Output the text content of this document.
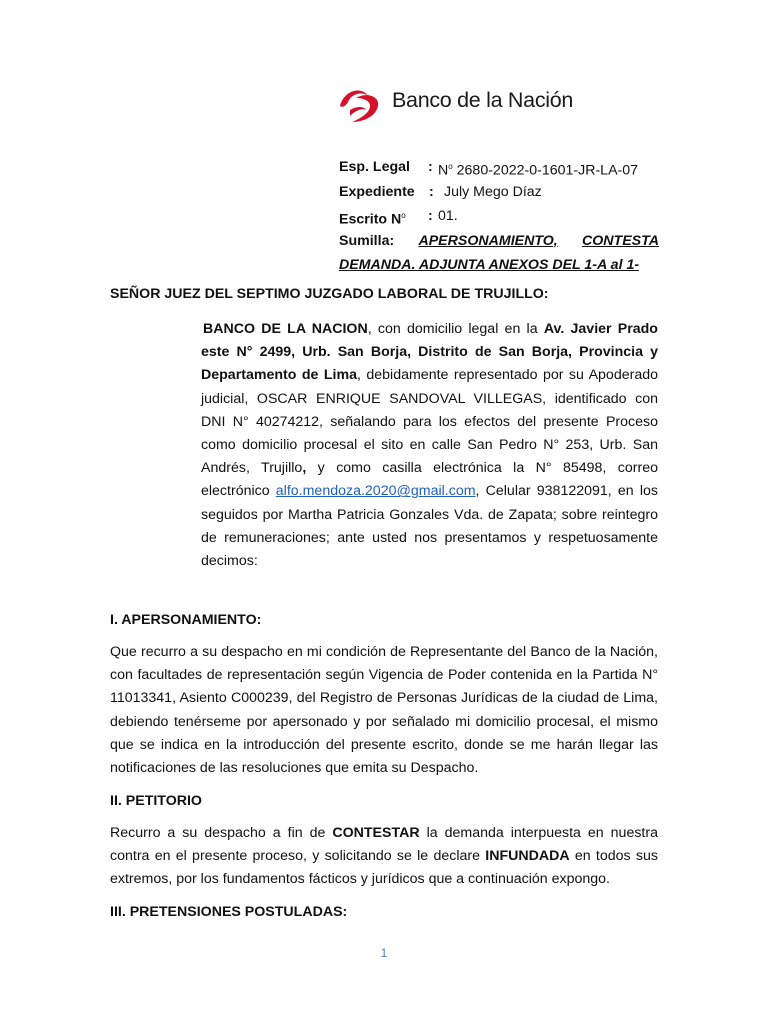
Banco de la Nación
Esp. Legal : $N^o$ 2680-2022-0-1601-JR-LA-07
Expediente : July Mego Díaz
Escrito $N^o$ : 01.
Sumilla: APERSONAMIENTO, CONTESTA
DEMANDA. ADJUNTA ANEXOS DEL 1-A al 1-
SEÑOR JUEZ DEL SEPTIMO JUZGADO LABORAL DE TRUJILLO:
BANCO DE LA NACION, con domicilio legal en la Av. Javier Prado este N° 2499, Urb. San Borja, Distrito de San Borja, Provincia y Departamento de Lima, debidamente representado por su Apoderado judicial, OSCAR ENRIQUE SANDOVAL VILLEGAS, identificado con DNI N° 40274212, señalando para los efectos del presente Proceso como domicilio procesal el sito en calle San Pedro N° 253, Urb. San Andrés, Trujillo, y como casilla electrónica la N° 85498, correo electrónico alfo.mendoza.2020@gmail.com, Celular 938122091, en los seguidos por Martha Patricia Gonzales Vda. de Zapata; sobre reintegro de remuneraciones; ante usted nos presentamos y respetuosamente decimos:
I. APERSONAMIENTO:
Que recurro a su despacho en mi condición de Representante del Banco de la Nación, con facultades de representación según Vigencia de Poder contenida en la Partida N° 11013341, Asiento C000239, del Registro de Personas Jurídicas de la ciudad de Lima, debiendo tenérseme por apersonado y por señalado mi domicilio procesal, el mismo que se indica en la introducción del presente escrito, donde se me harán llegar las notificaciones de las resoluciones que emita su Despacho.
II. PETITORIO
Recurro a su despacho a fin de CONTESTAR la demanda interpuesta en nuestra contra en el presente proceso, y solicitando se le declare INFUNDADA en todos sus extremos, por los fundamentos fácticos y jurídicos que a continuación expongo.
III. PRETENSIONES POSTULADAS:
1
